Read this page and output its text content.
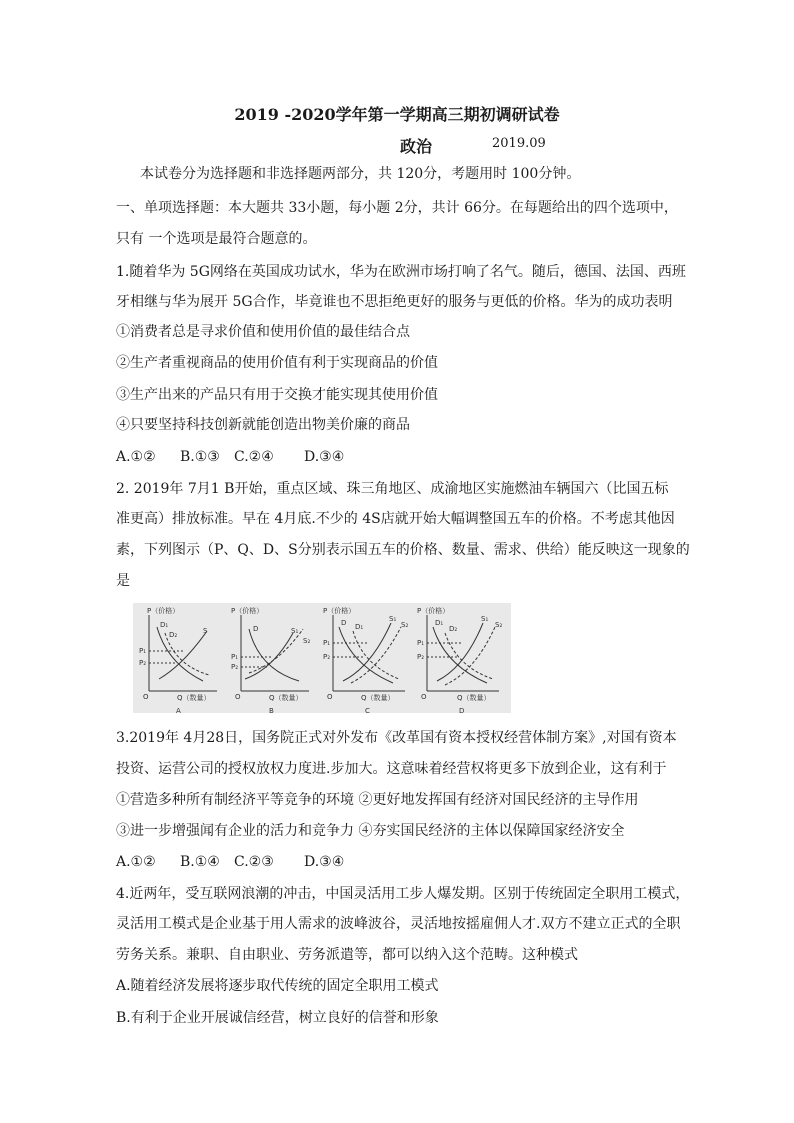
2019 -2020学年第一学期高三期初调研试卷
政治	2019.09
本试卷分为选择题和非选择题两部分，共 120分，考题用时 100分钟。
一、单项选择题：本大题共 33小题，每小题 2分，共计 66分。在每题给出的四个选项中，
只有 一个选项是最符合题意的。
1.随着华为 5G网络在英国成功试水，华为在欧洲市场打响了名气。随后，德国、法国、西班
牙相继与华为展开 5G合作，毕竟谁也不思拒绝更好的服务与更低的价格。华为的成功表明
①消费者总是寻求价值和使用价值的最佳结合点
②生产者重视商品的使用价值有利于实现商品的价值
③生产出来的产品只有用于交换才能实现其使用价值
④只要坚持科技创新就能创造出物美价廉的商品
A.①② B.①③ C.②④ D.③④
2. 2019年 7月1 B开始，重点区域、珠三角地区、成渝地区实施燃油车辆国六（比国五标
准更高）排放标准。早在 4月底.不少的 4S店就开始大幅调整国五车的价格。不考虑其他因
素，下列图示（P、Q、D、S分别表示国五车的价格、数量、需求、供给）能反映这一现象的
是
P（价格）
O	Q（数量）
P₁
P₂
D₁
D₂	S
A
P（价格）
O	Q（数量）
P₁
P₂
D	S₁
S₂
B
P（价格）
O	Q（数量）
P₁
P₂
D D₁
S₁
S₂
C
P（价格）
O	Q（数量）
P₁
P₂
D₁
D₂
S₁
S₂
D
3.2019年 4月28日，国务院正式对外发布《改革国有资本授权经营体制方案》,对国有资本
投资、运营公司的授权放权力度进.步加大。这意味着经营权将更多下放到企业，这有利于
①营造多种所有制经济平等竞争的环境 ②更好地发挥国有经济对国民经济的主导作用
③进一步增强闻有企业的活力和竞争力 ④夯实国民经济的主体以保障国家经济安全
A.①② B.①④ C.②③ D.③④
4.近两年，受互联网浪潮的冲击，中国灵活用工步人爆发期。区别于传统固定全职用工模式，
灵活用工模式是企业基于用人需求的波峰波谷，灵活地按摇雇佣人才.双方不建立正式的全职
劳务关系。兼职、自由职业、劳务派遣等，都可以纳入这个范畴。这种模式
A.随着经济发展将逐步取代传统的固定全职用工模式
B.有利于企业开展诚信经营，树立良好的信誉和形象
